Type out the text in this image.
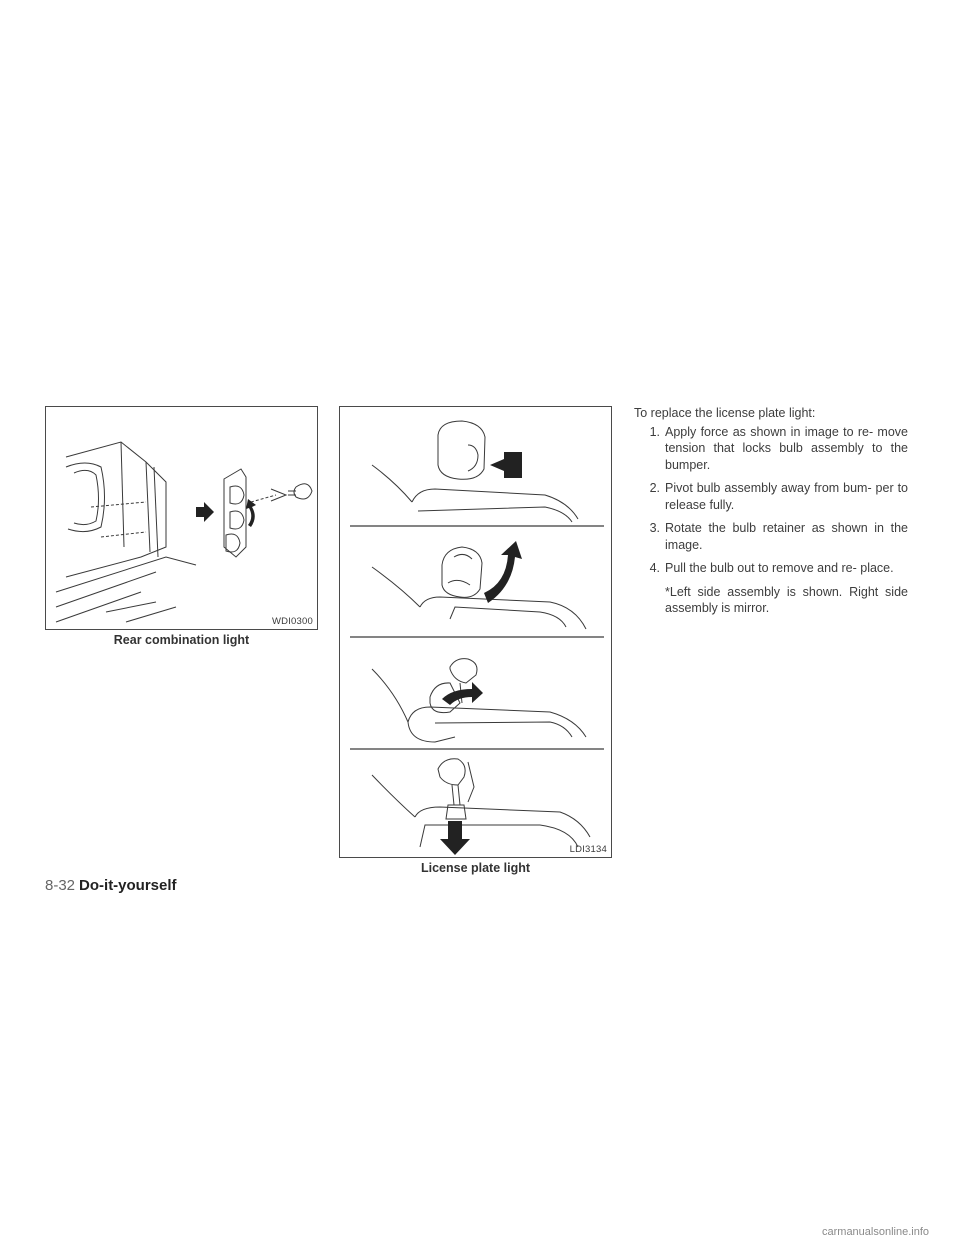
WDI0300
Rear combination light
LDI3134
License plate light

To replace the license plate light:

1. Apply force as shown in image to re- move tension that locks bulb assembly to the bumper.
2. Pivot bulb assembly away from bum- per to release fully.
3. Rotate the bulb retainer as shown in the image.
4. Pull the bulb out to remove and re- place.
*Left side assembly is shown. Right side assembly is mirror.
8-32 Do-it-yourself
carmanualsonline.info
